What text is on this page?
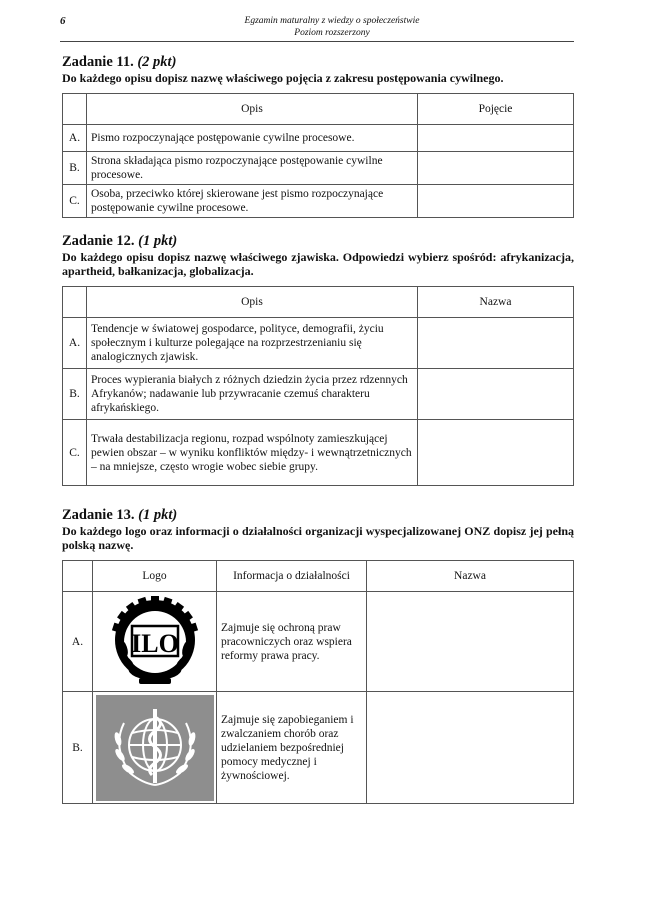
6	Egzamin maturalny z wiedzy o społeczeństwie
Poziom rozszerzony
Zadanie 11. (2 pkt)
Do każdego opisu dopisz nazwę właściwego pojęcia z zakresu postępowania cywilnego.
	Opis	Pojęcie
A.	Pismo rozpoczynające postępowanie cywilne procesowe.	
B.	Strona składająca pismo rozpoczynające postępowanie cywilne procesowe.	
C.	Osoba, przeciwko której skierowane jest pismo rozpoczynające postępowanie cywilne procesowe.	
Zadanie 12. (1 pkt)
Do każdego opisu dopisz nazwę właściwego zjawiska. Odpowiedzi wybierz spośród: afrykanizacja, apartheid, bałkanizacja, globalizacja.
	Opis	Nazwa
A.	Tendencje w światowej gospodarce, polityce, demografii, życiu społecznym i kulturze polegające na rozprzestrzenianiu się analogicznych zjawisk.	
B.	Proces wypierania białych z różnych dziedzin życia przez rdzennych Afrykanów; nadawanie lub przywracanie czemuś charakteru afrykańskiego.	
C.	Trwała destabilizacja regionu, rozpad wspólnoty zamieszkującej pewien obszar – w wyniku konfliktów między- i wewnątrzetnicznych – na mniejsze, często wrogie wobec siebie grupy.	
Zadanie 13. (1 pkt)
Do każdego logo oraz informacji o działalności organizacji wyspecjalizowanej ONZ dopisz jej pełną polską nazwę.
	Logo	Informacja o działalności	Nazwa
A.	ILO	Zajmuje się ochroną praw pracowniczych oraz wspiera reformy prawa pracy.	
B.		Zajmuje się zapobieganiem i zwalczaniem chorób oraz udzielaniem bezpośredniej pomocy medycznej i żywnościowej.	
